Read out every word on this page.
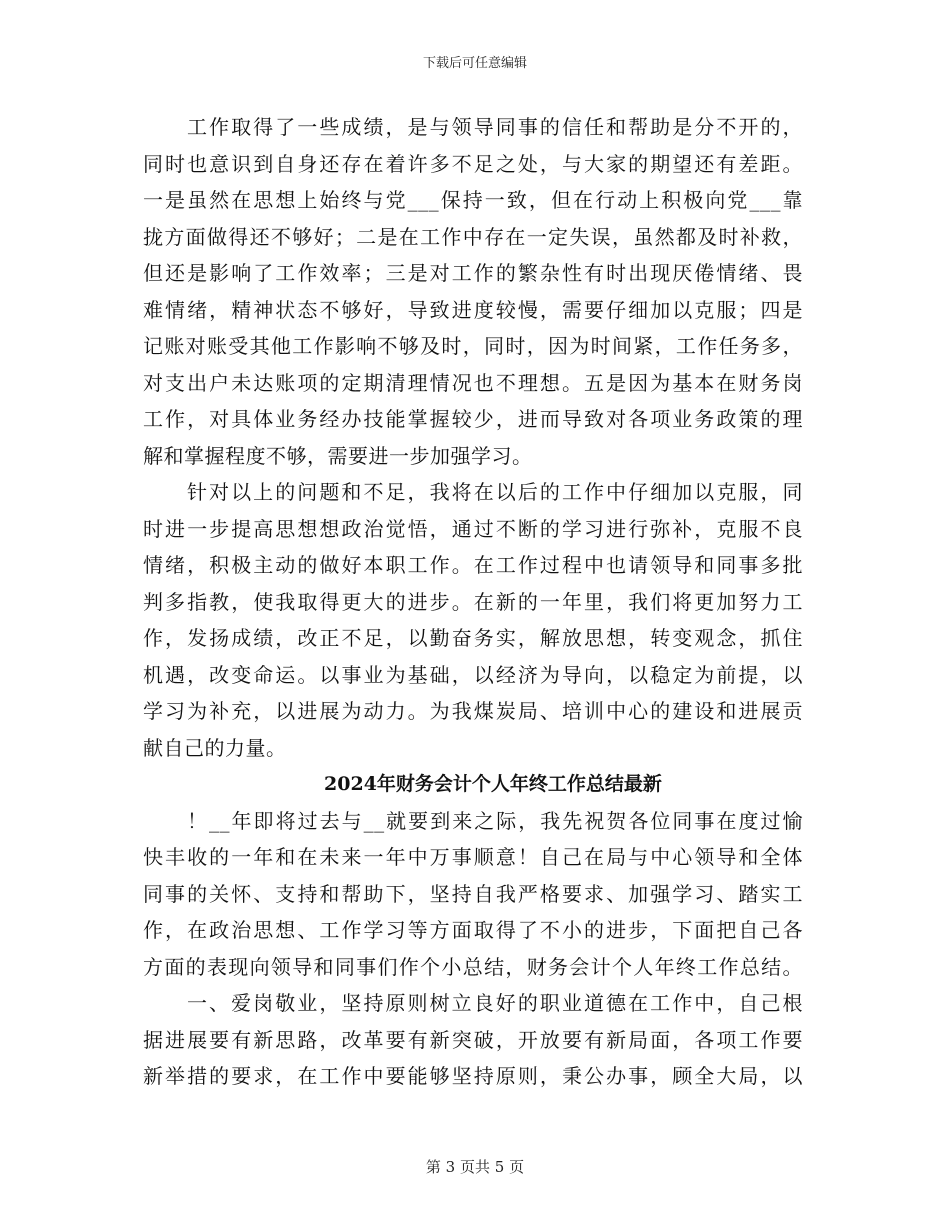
下载后可任意编辑
工作取得了一些成绩，是与领导同事的信任和帮助是分不开的，
同时也意识到自身还存在着许多不足之处，与大家的期望还有差距。
一是虽然在思想上始终与党___保持一致，但在行动上积极向党___靠
拢方面做得还不够好；二是在工作中存在一定失误，虽然都及时补救，
但还是影响了工作效率；三是对工作的繁杂性有时出现厌倦情绪、畏
难情绪，精神状态不够好，导致进度较慢，需要仔细加以克服；四是
记账对账受其他工作影响不够及时，同时，因为时间紧，工作任务多，
对支出户未达账项的定期清理情况也不理想。五是因为基本在财务岗
工作，对具体业务经办技能掌握较少，进而导致对各项业务政策的理
解和掌握程度不够，需要进一步加强学习。
针对以上的问题和不足，我将在以后的工作中仔细加以克服，同
时进一步提高思想想政治觉悟，通过不断的学习进行弥补，克服不良
情绪，积极主动的做好本职工作。在工作过程中也请领导和同事多批
判多指教，使我取得更大的进步。在新的一年里，我们将更加努力工
作，发扬成绩，改正不足，以勤奋务实，解放思想，转变观念，抓住
机遇，改变命运。以事业为基础，以经济为导向，以稳定为前提，以
学习为补充，以进展为动力。为我煤炭局、培训中心的建设和进展贡
献自己的力量。
2024年财务会计个人年终工作总结最新
！__年即将过去与__就要到来之际，我先祝贺各位同事在度过愉
快丰收的一年和在未来一年中万事顺意！自己在局与中心领导和全体
同事的关怀、支持和帮助下，坚持自我严格要求、加强学习、踏实工
作，在政治思想、工作学习等方面取得了不小的进步，下面把自己各
方面的表现向领导和同事们作个小总结，财务会计个人年终工作总结。
一、爱岗敬业，坚持原则树立良好的职业道德在工作中，自己根
据进展要有新思路，改革要有新突破，开放要有新局面，各项工作要
新举措的要求，在工作中要能够坚持原则，秉公办事，顾全大局，以
第 3 页共 5 页
